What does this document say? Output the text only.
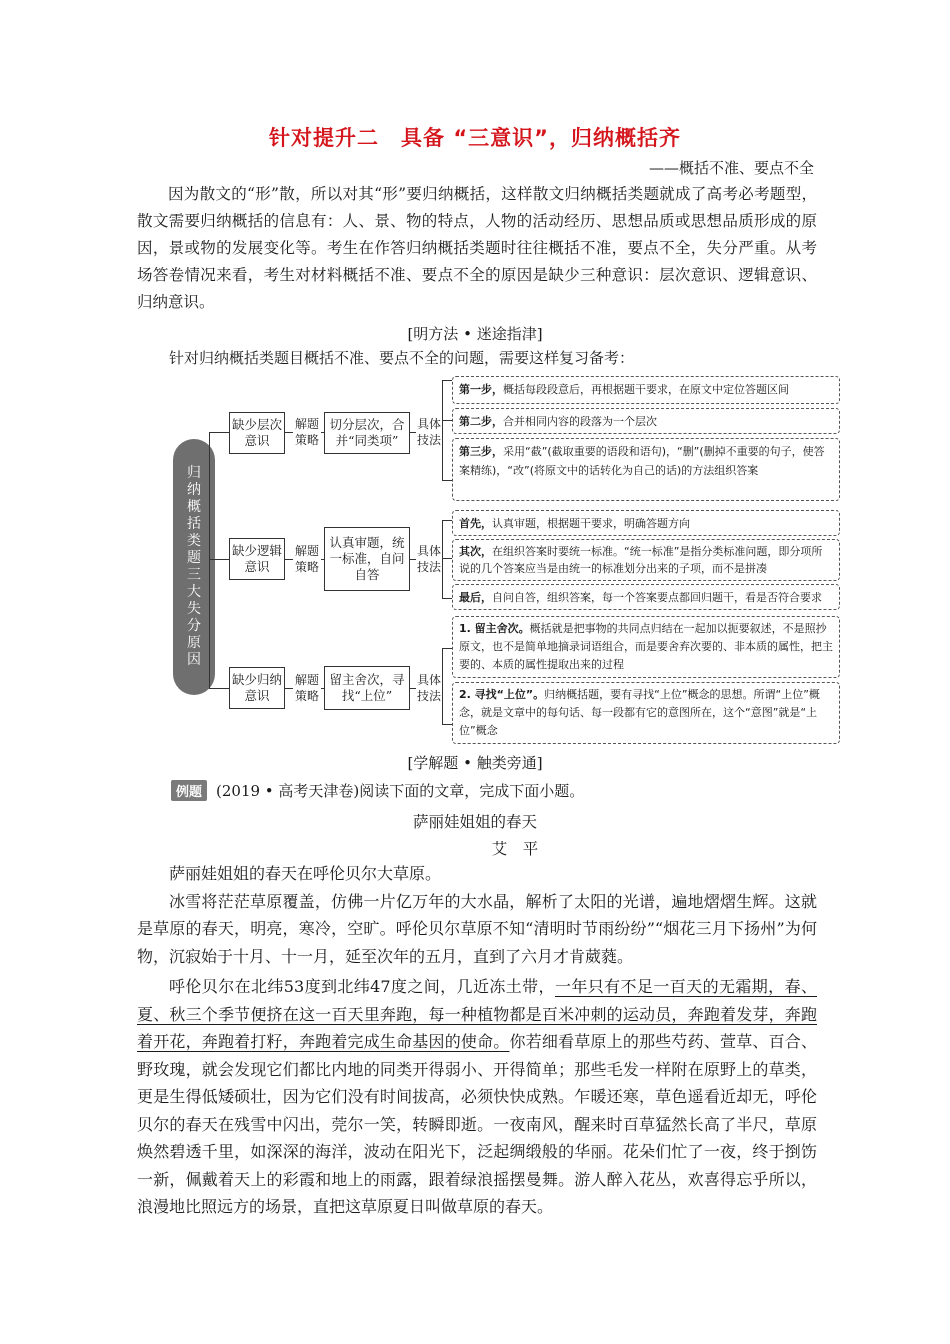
针对提升二　具备 “三意识”，归纳概括齐
——概括不准、要点不全

因为散文的“形”散，所以对其“形”要归纳概括，这样散文归纳概括类题就成了高考必考题型，散文需要归纳概括的信息有：人、景、物的特点，人物的活动经历、思想品质或思想品质形成的原因，景或物的发展变化等。考生在作答归纳概括类题时往往概括不准，要点不全，失分严重。从考场答卷情况来看，考生对材料概括不准、要点不全的原因是缺少三种意识：层次意识、逻辑意识、归纳意识。

[明方法 • 迷途指津]
针对归纳概括类题目概括不准、要点不全的问题，需要这样复习备考：
归
纳
概
括
类
题
三
大
失
分
原
因
缺少层次意识
解题策略
切分层次，合并“同类项”
具体技法
第一步，概括每段段意后，再根据题干要求，在原文中定位答题区间
第二步，合并相同内容的段落为一个层次
第三步，采用“截”(截取重要的语段和语句)，“删”(删掉不重要的句子，使答案精练)，“改”(将原文中的话转化为自己的话)的方法组织答案
缺少逻辑意识
解题策略
认真审题，统一标准，自问自答
具体技法
首先，认真审题，根据题干要求，明确答题方向
其次，在组织答案时要统一标准。“统一标准”是指分类标准问题，即分项所说的几个答案应当是由统一的标准划分出来的子项，而不是拼凑
最后，自问自答，组织答案，每一个答案要点都回归题干，看是否符合要求
缺少归纳意识
解题策略
留主舍次，寻找“上位”
具体技法
1. 留主舍次。概括就是把事物的共同点归结在一起加以扼要叙述，不是照抄原文，也不是简单地摘录词语组合，而是要舍弃次要的、非本质的属性，把主要的、本质的属性提取出来的过程
2. 寻找“上位”。归纳概括题，要有寻找“上位”概念的思想。所谓“上位”概念，就是文章中的每句话、每一段都有它的意图所在，这个“意图”就是“上位”概念
[学解题 • 触类旁通]
例题 (2019 • 高考天津卷)阅读下面的文章，完成下面小题。
萨丽娃姐姐的春天
艾　平

萨丽娃姐姐的春天在呼伦贝尔大草原。

冰雪将茫茫草原覆盖，仿佛一片亿万年的大水晶，解析了太阳的光谱，遍地熠熠生辉。这就是草原的春天，明亮，寒冷，空旷。呼伦贝尔草原不知“清明时节雨纷纷”“烟花三月下扬州”为何物，沉寂始于十月、十一月，延至次年的五月，直到了六月才肯葳蕤。

呼伦贝尔在北纬53度到北纬47度之间，几近冻土带，一年只有不足一百天的无霜期，春、夏、秋三个季节便挤在这一百天里奔跑，每一种植物都是百米冲刺的运动员，奔跑着发芽，奔跑着开花，奔跑着打籽，奔跑着完成生命基因的使命。你若细看草原上的那些芍药、萱草、百合、野玫瑰，就会发现它们都比内地的同类开得弱小、开得简单；那些毛发一样附在原野上的草类，更是生得低矮硕壮，因为它们没有时间拔高，必须快快成熟。乍暖还寒，草色遥看近却无，呼伦贝尔的春天在残雪中闪出，莞尔一笑，转瞬即逝。一夜南风，醒来时百草猛然长高了半尺，草原焕然碧透千里，如深深的海洋，波动在阳光下，泛起绸缎般的华丽。花朵们忙了一夜，终于捯饬一新，佩戴着天上的彩霞和地上的雨露，跟着绿浪摇摆曼舞。游人醉入花丛，欢喜得忘乎所以，浪漫地比照远方的场景，直把这草原夏日叫做草原的春天。
